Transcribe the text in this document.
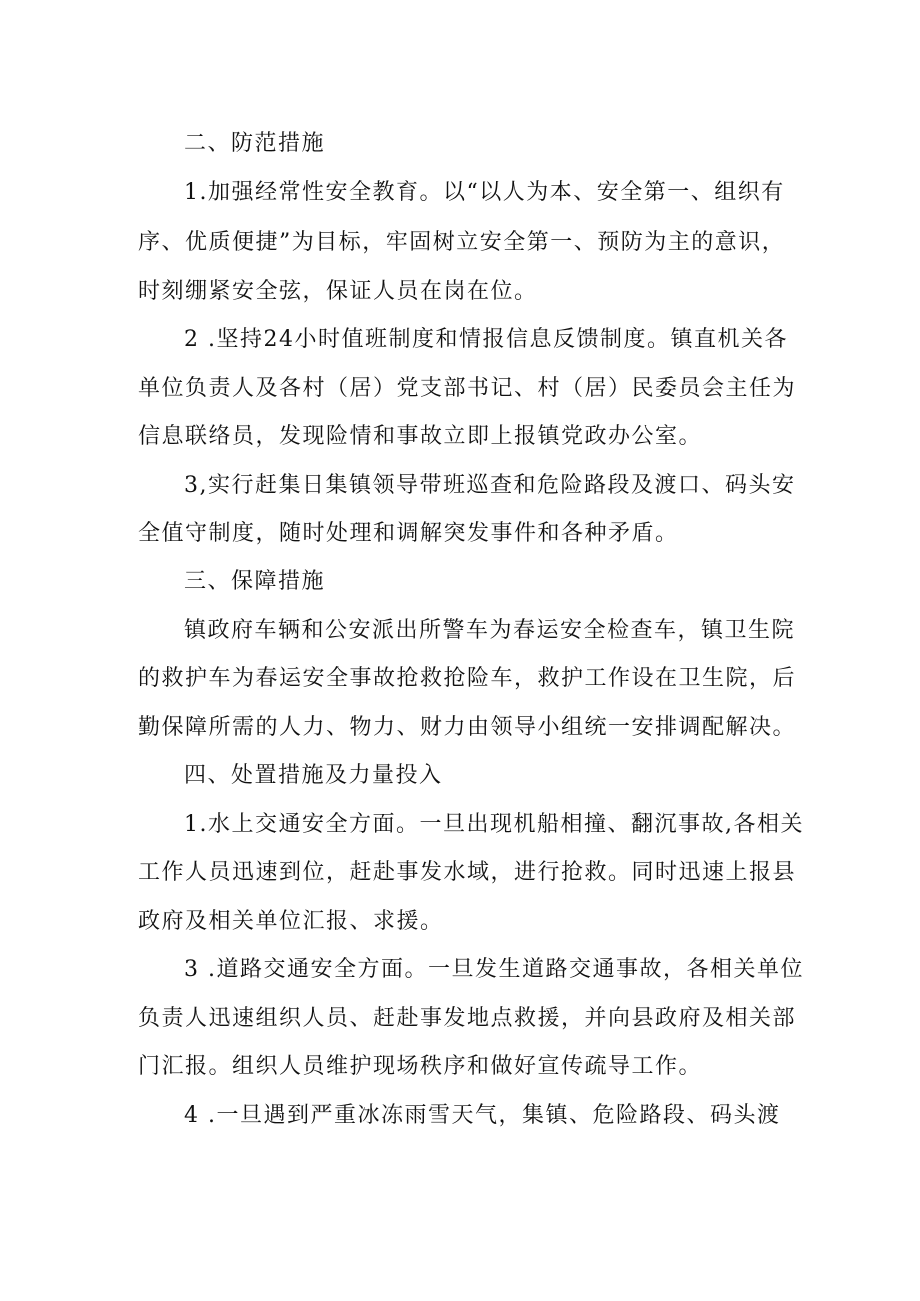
二、防范措施
1.加强经常性安全教育。以“以人为本、安全第一、组织有
序、优质便捷”为目标，牢固树立安全第一、预防为主的意识，
时刻绷紧安全弦，保证人员在岗在位。
2 .坚持24小时值班制度和情报信息反馈制度。镇直机关各
单位负责人及各村（居）党支部书记、村（居）民委员会主任为
信息联络员，发现险情和事故立即上报镇党政办公室。
3,实行赶集日集镇领导带班巡查和危险路段及渡口、码头安
全值守制度，随时处理和调解突发事件和各种矛盾。
三、保障措施
镇政府车辆和公安派出所警车为春运安全检查车，镇卫生院
的救护车为春运安全事故抢救抢险车，救护工作设在卫生院，后
勤保障所需的人力、物力、财力由领导小组统一安排调配解决。
四、处置措施及力量投入
1.水上交通安全方面。一旦出现机船相撞、翻沉事故,各相关
工作人员迅速到位，赶赴事发水域，进行抢救。同时迅速上报县
政府及相关单位汇报、求援。
3 .道路交通安全方面。一旦发生道路交通事故，各相关单位
负责人迅速组织人员、赶赴事发地点救援，并向县政府及相关部
门汇报。组织人员维护现场秩序和做好宣传疏导工作。
4 .一旦遇到严重冰冻雨雪天气，集镇、危险路段、码头渡
